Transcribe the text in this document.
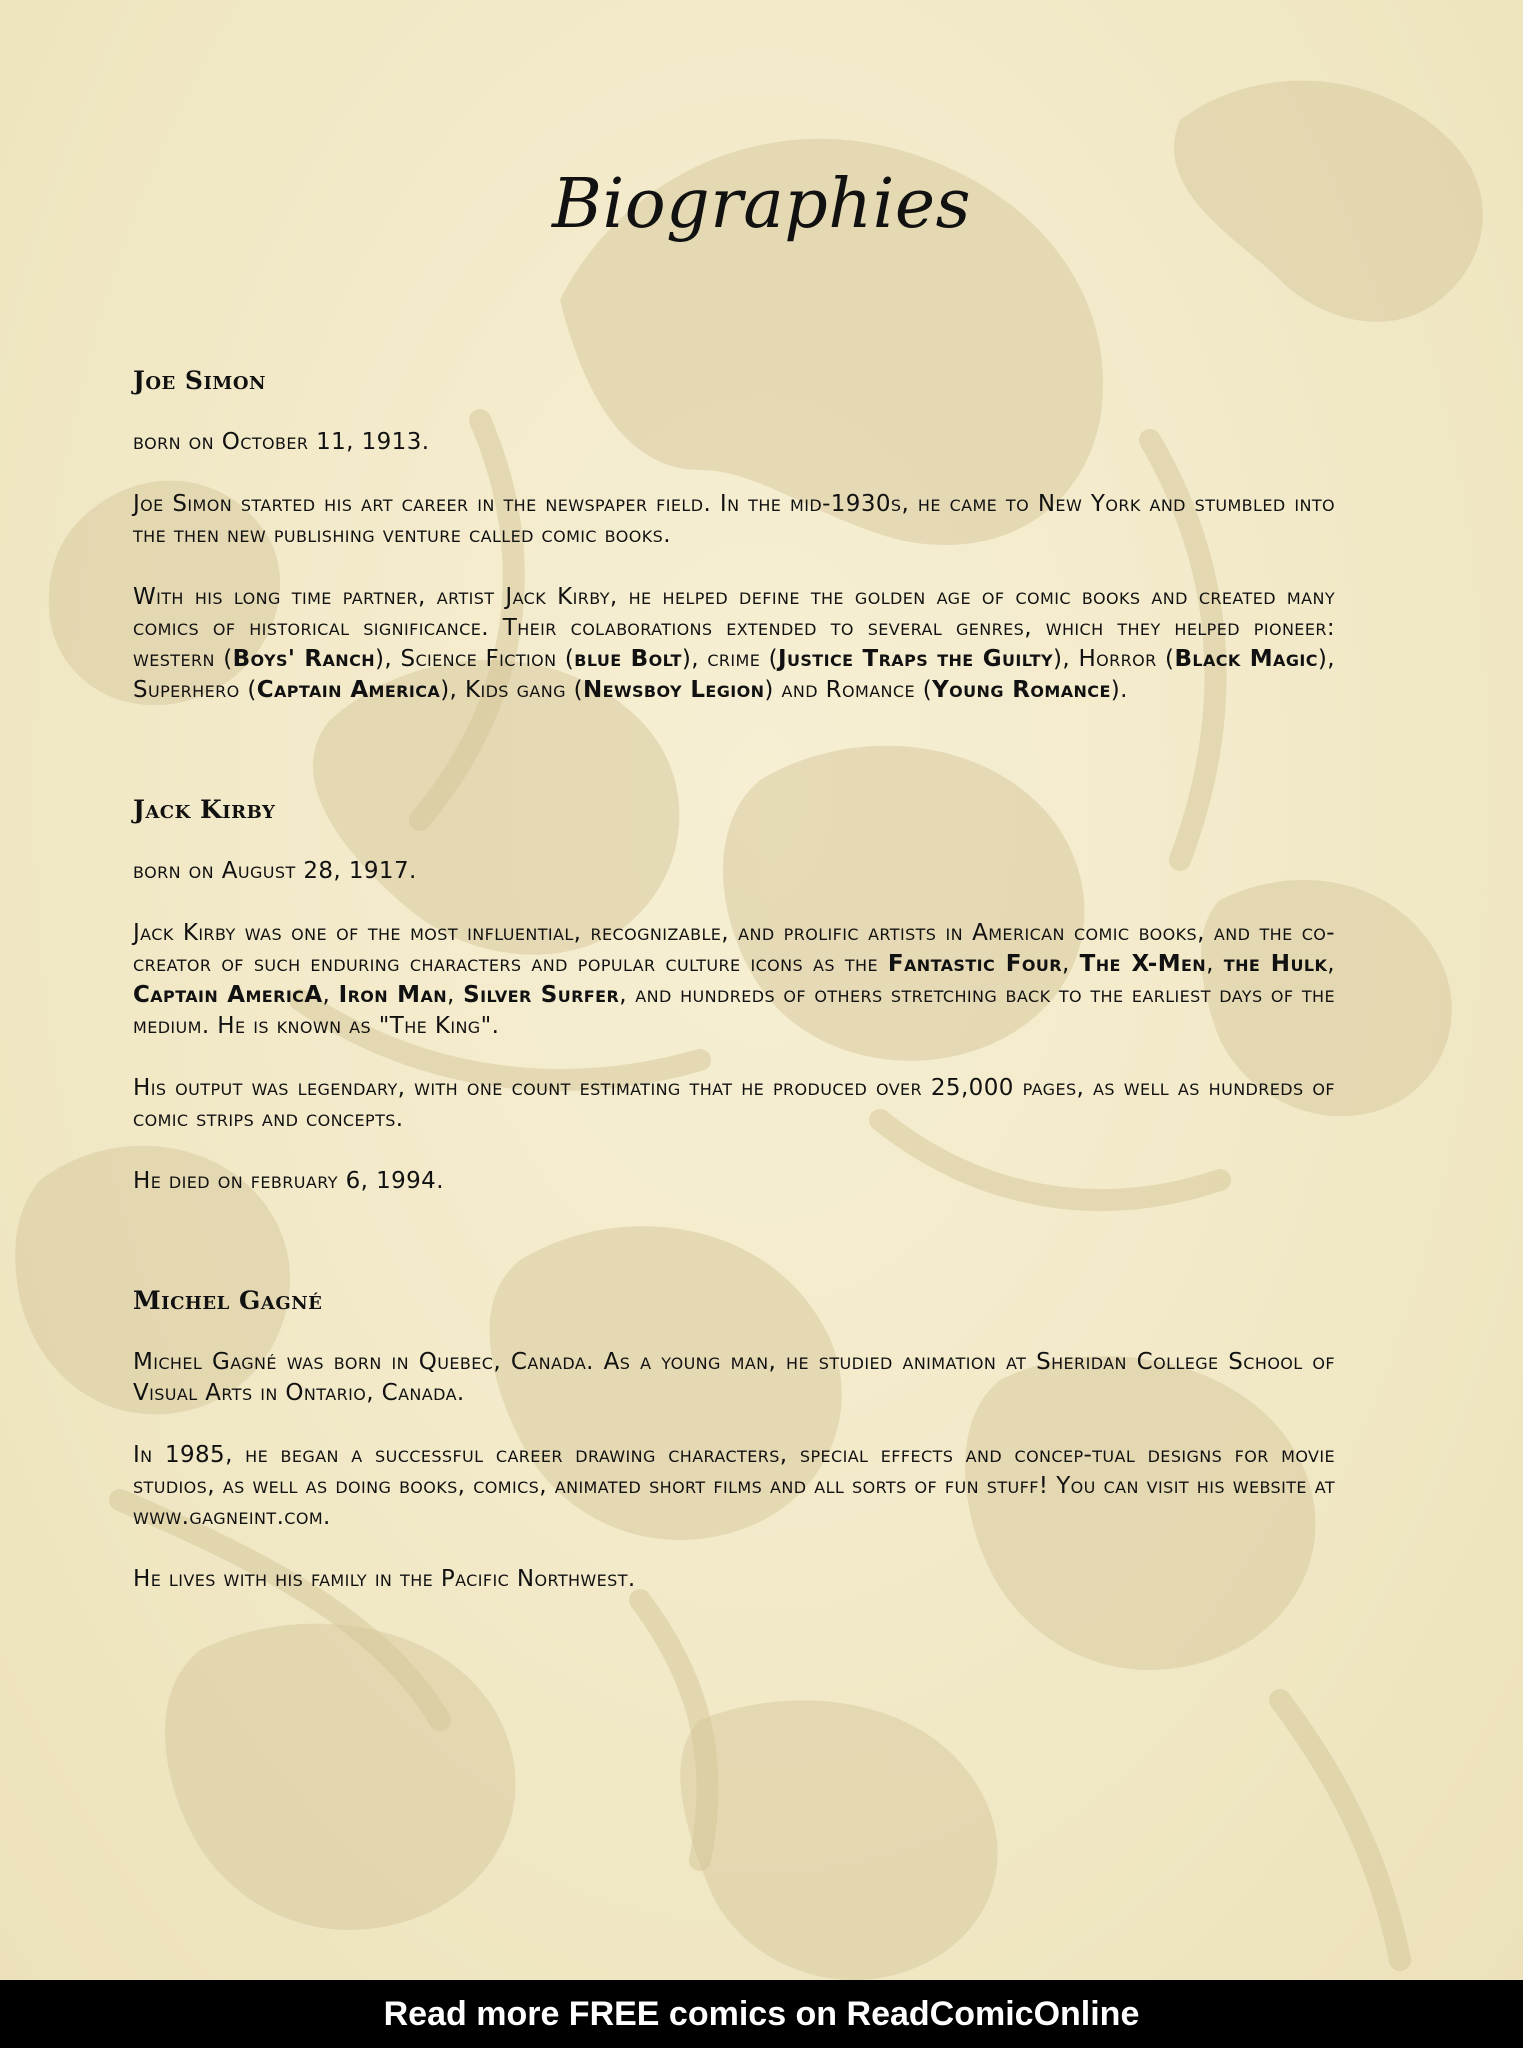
Biographies
Joe Simon

born on October 11, 1913.

Joe Simon started his art career in the newspaper field. In the mid-1930s, he came to New York and stumbled into the then new publishing venture called comic books.

With his long time partner, artist Jack Kirby, he helped define the golden age of comic books and created many comics of historical significance. Their colaborations extended to several genres, which they helped pioneer: western (Boys' Ranch), Science Fiction (blue Bolt), crime (Justice Traps the Guilty), Horror (Black Magic), Superhero (Captain America), Kids gang (Newsboy Legion) and Romance (Young Romance).

Jack Kirby

born on August 28, 1917.

Jack Kirby was one of the most influential, recognizable, and prolific artists in American comic books, and the co-creator of such enduring characters and popular culture icons as the Fantastic Four, The X-Men, the Hulk, Captain AmericA, Iron Man, Silver Surfer, and hundreds of others stretching back to the earliest days of the medium. He is known as "The King".

His output was legendary, with one count estimating that he produced over 25,000 pages, as well as hundreds of comic strips and concepts.

He died on february 6, 1994.

Michel Gagné

Michel Gagné was born in Quebec, Canada. As a young man, he studied animation at Sheridan College School of Visual Arts in Ontario, Canada.

In 1985, he began a successful career drawing characters, special effects and concep-tual designs for movie studios, as well as doing books, comics, animated short films and all sorts of fun stuff! You can visit his website at www.gagneint.com.

He lives with his family in the Pacific Northwest.

Read more FREE comics on ReadComicOnline
